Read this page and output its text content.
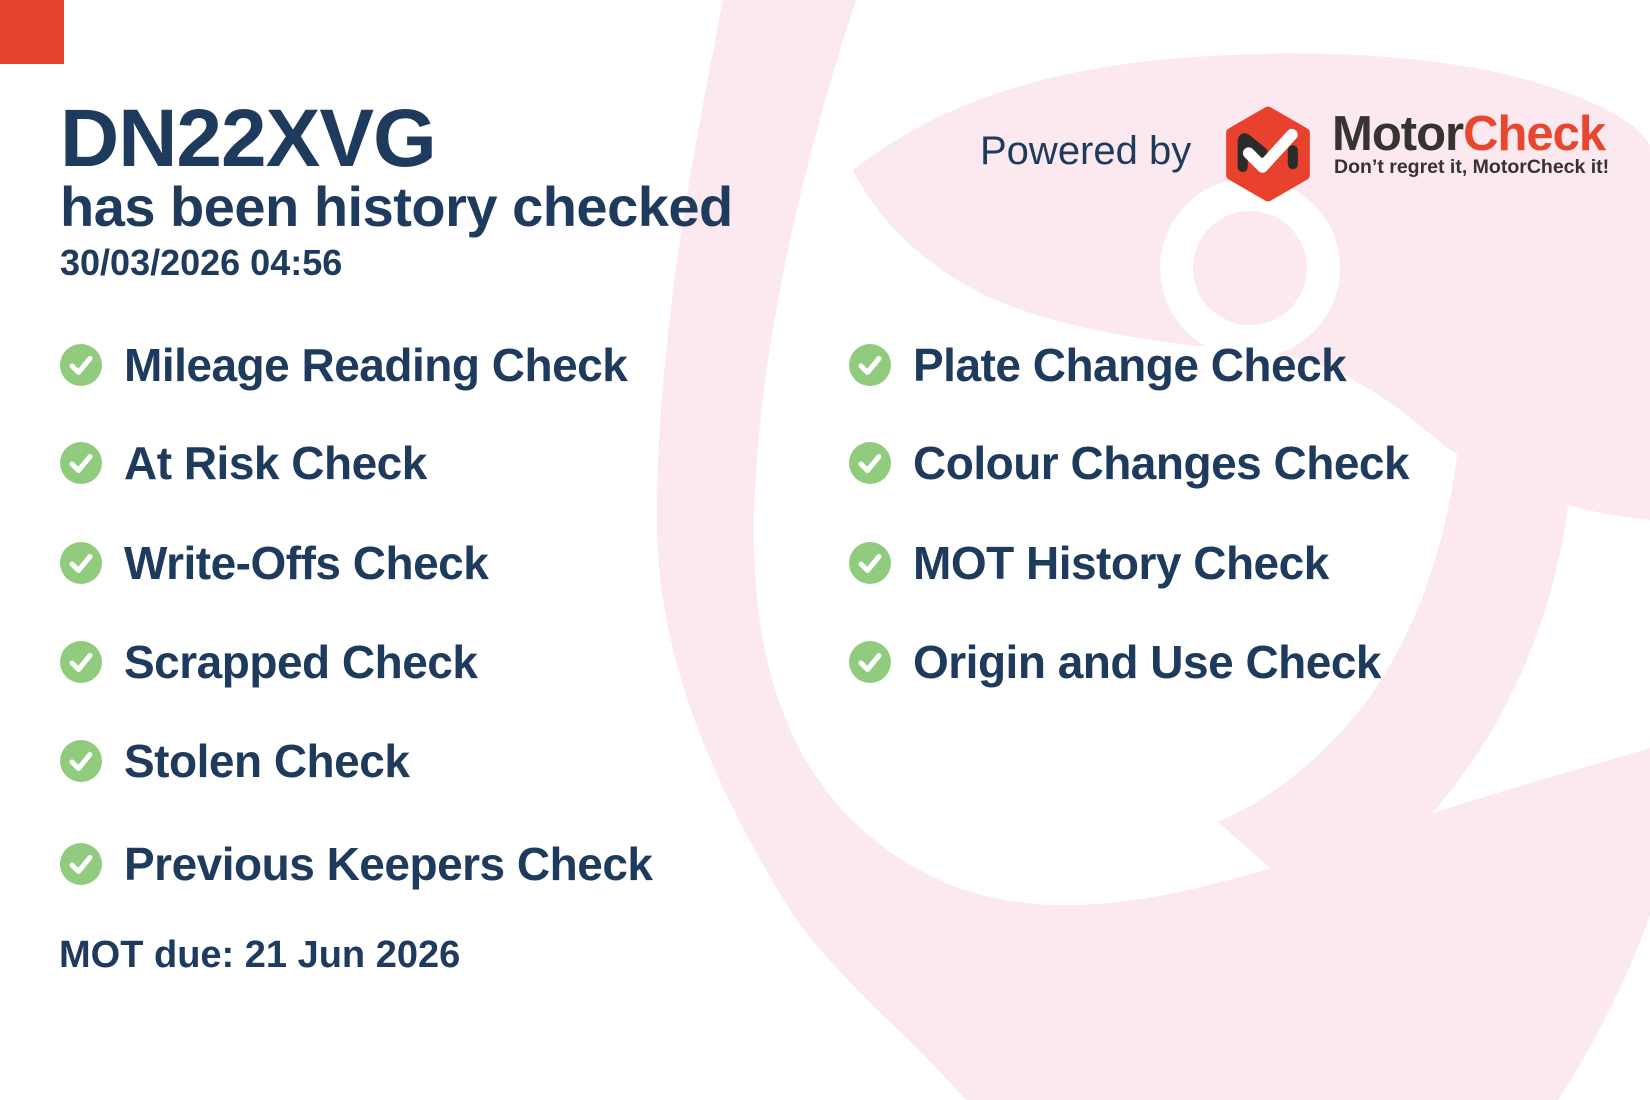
DN22XVG
has been history checked
30/03/2026 04:56
Powered by	MotorCheck
Don’t regret it, MotorCheck it!
Mileage Reading Check
At Risk Check
Write-Offs Check
Scrapped Check
Stolen Check
Previous Keepers Check
Plate Change Check
Colour Changes Check
MOT History Check
Origin and Use Check
MOT due: 21 Jun 2026
